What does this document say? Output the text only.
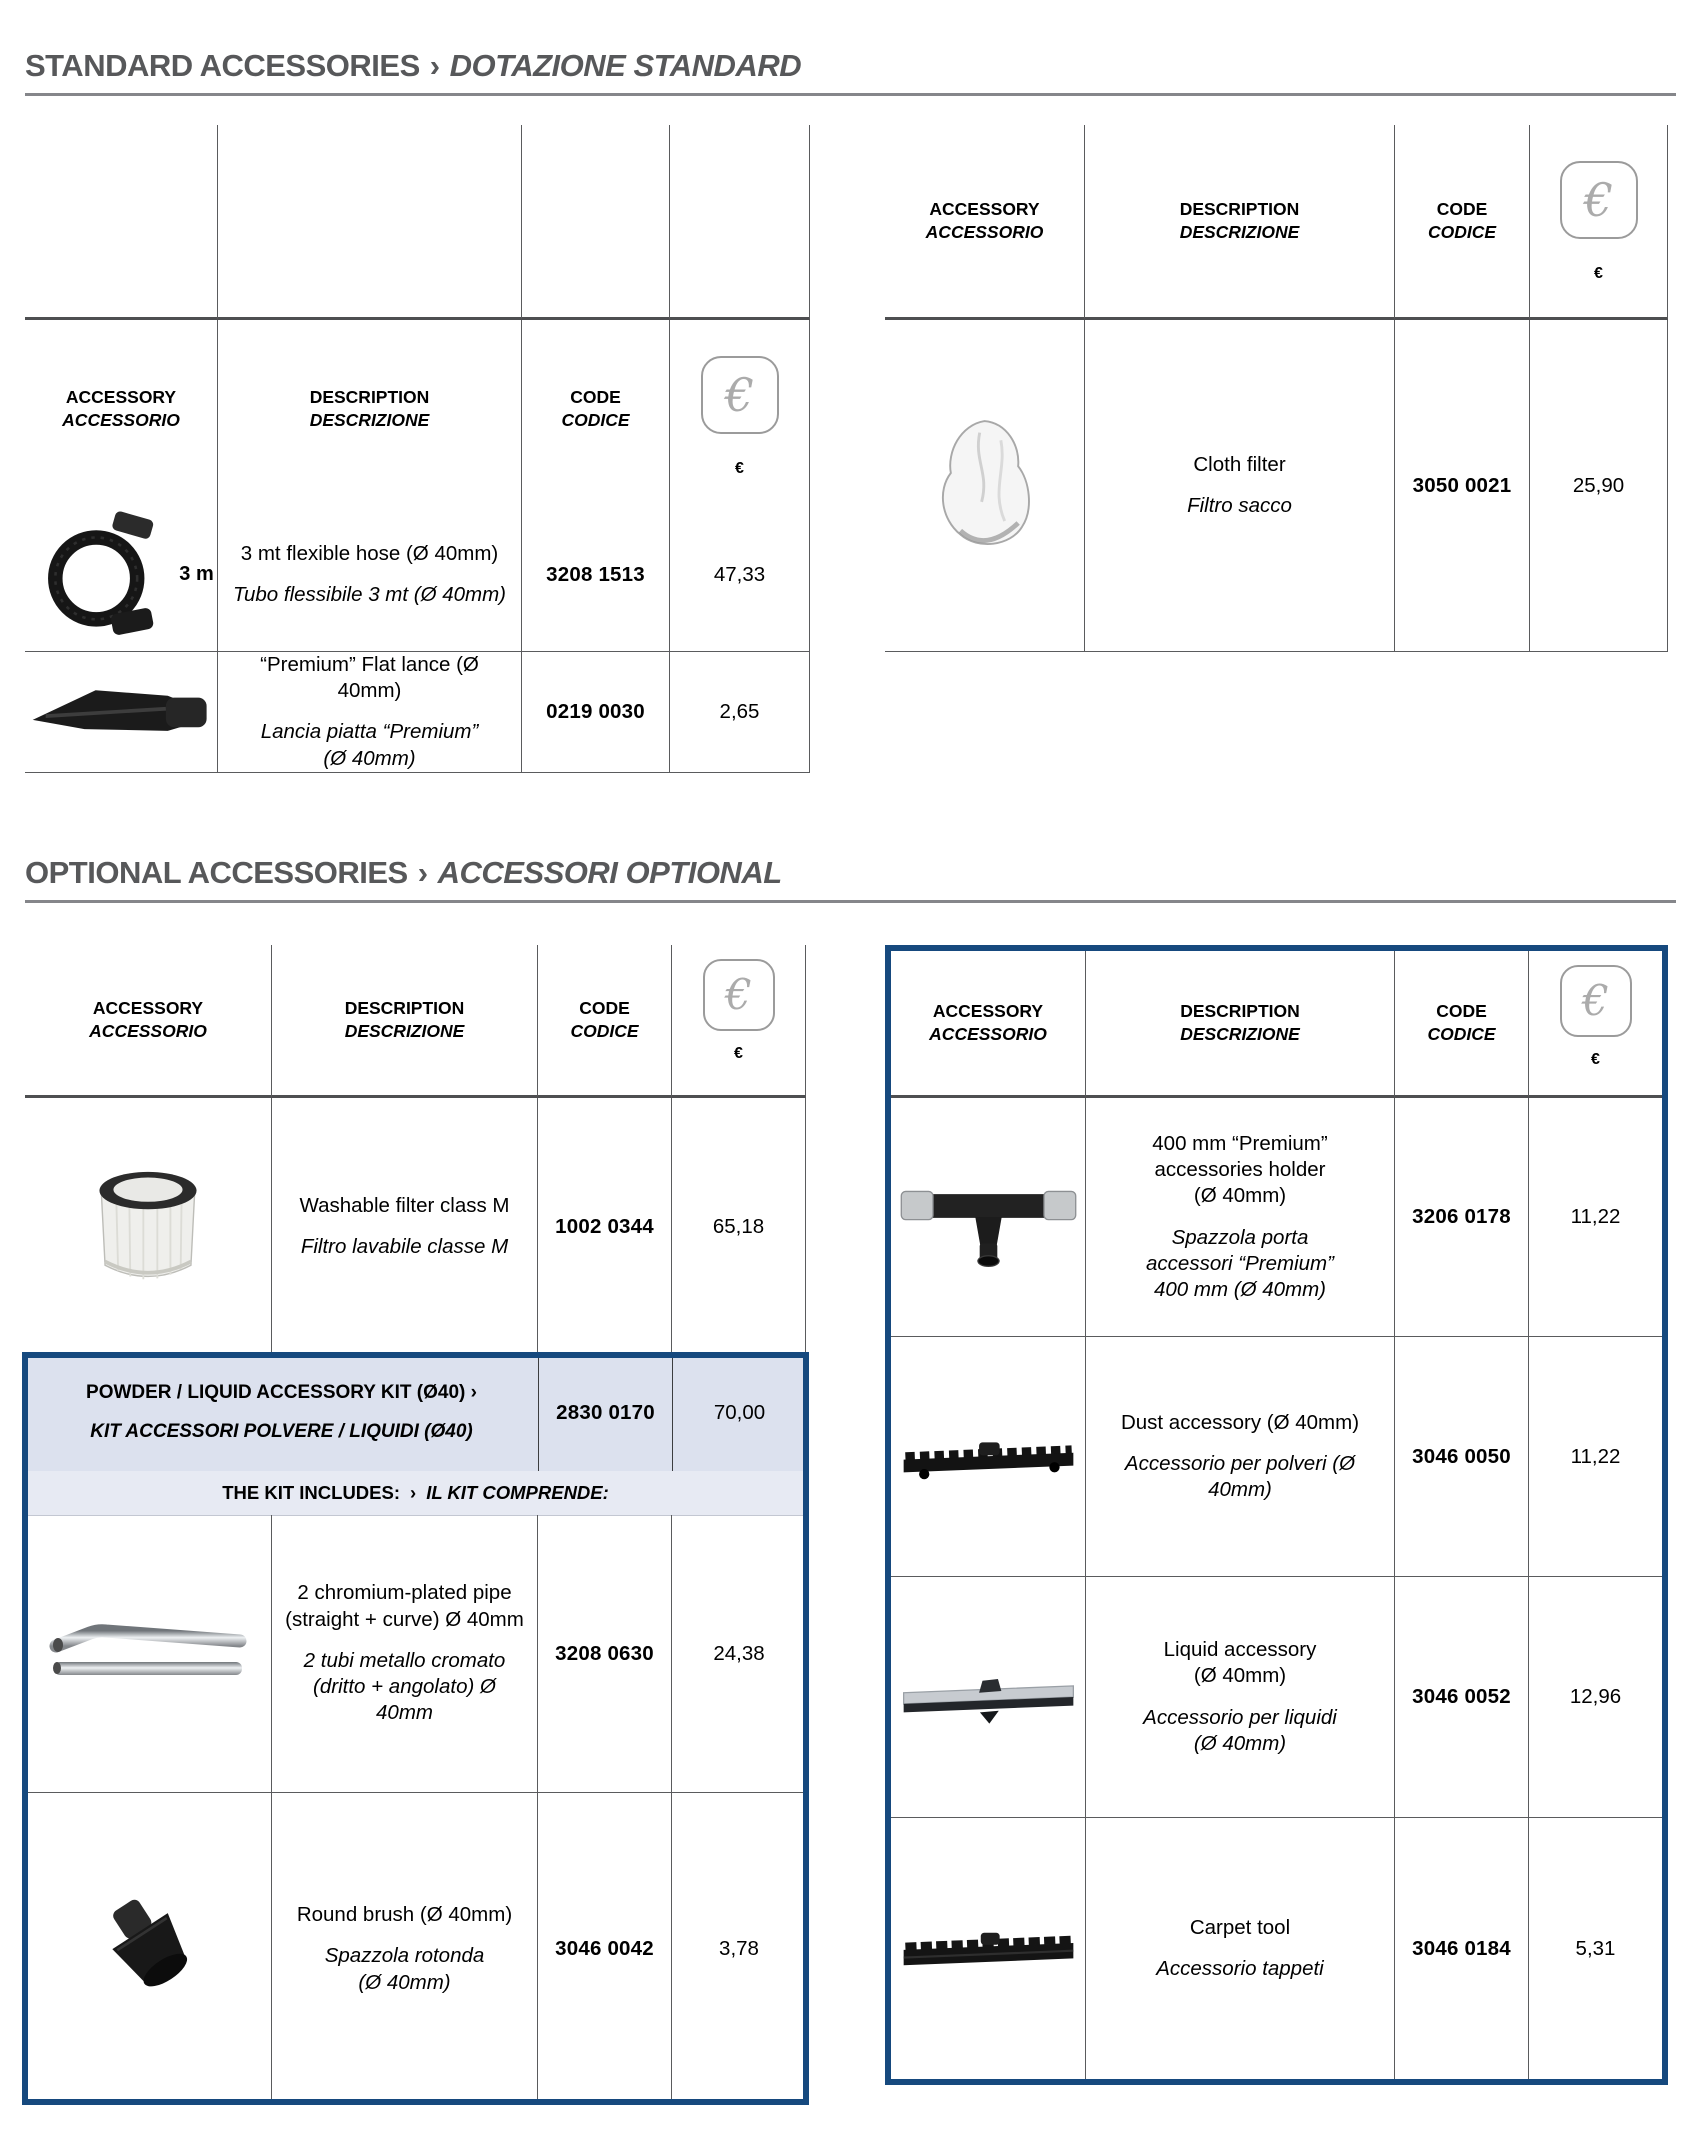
STANDARD ACCESSORIES › DOTAZIONE STANDARD
ACCESSORY
ACCESSORIO
DESCRIPTION
DESCRIZIONE
CODE
CODICE €
€
3 m
3 mt flexible hose (Ø 40mm)
Tubo flessibile 3 mt (Ø 40mm)
3208 1513	47,33
“Premium” Flat lance (Ø 40mm)
Lancia piatta “Premium” (Ø 40mm)
0219 0030	2,65
ACCESSORY
ACCESSORIO
DESCRIPTION
DESCRIZIONE
CODE
CODICE
€
€
Cloth filter
Filtro sacco
3050 0021	25,90
OPTIONAL ACCESSORIES › ACCESSORI OPTIONAL
ACCESSORY
ACCESSORIO
DESCRIPTION
DESCRIZIONE
CODE
CODICE
€
€
Washable filter class M
Filtro lavabile classe M
1002 0344	65,18
POWDER / LIQUID ACCESSORY KIT (Ø40) ›
KIT ACCESSORI POLVERE / LIQUIDI (Ø40)
2830 0170	70,00
THE KIT INCLUDES: › IL KIT COMPRENDE:
2 chromium-plated pipe (straight + curve) Ø 40mm
2 tubi metallo cromato (dritto + angolato) Ø 40mm
3208 0630	24,38
Round brush (Ø 40mm)
Spazzola rotonda (Ø 40mm)
3046 0042	3,78
ACCESSORY
ACCESSORIO
DESCRIPTION
DESCRIZIONE
CODE
CODICE
€
€
400 mm “Premium” accessories holder (Ø 40mm)
Spazzola porta accessori “Premium” 400 mm (Ø 40mm)
3206 0178	11,22
Dust accessory (Ø 40mm)
Accessorio per polveri (Ø 40mm)
3046 0050	11,22
Liquid accessory (Ø 40mm)
Accessorio per liquidi (Ø 40mm)
3046 0052	12,96
Carpet tool
Accessorio tappeti
3046 0184	5,31
